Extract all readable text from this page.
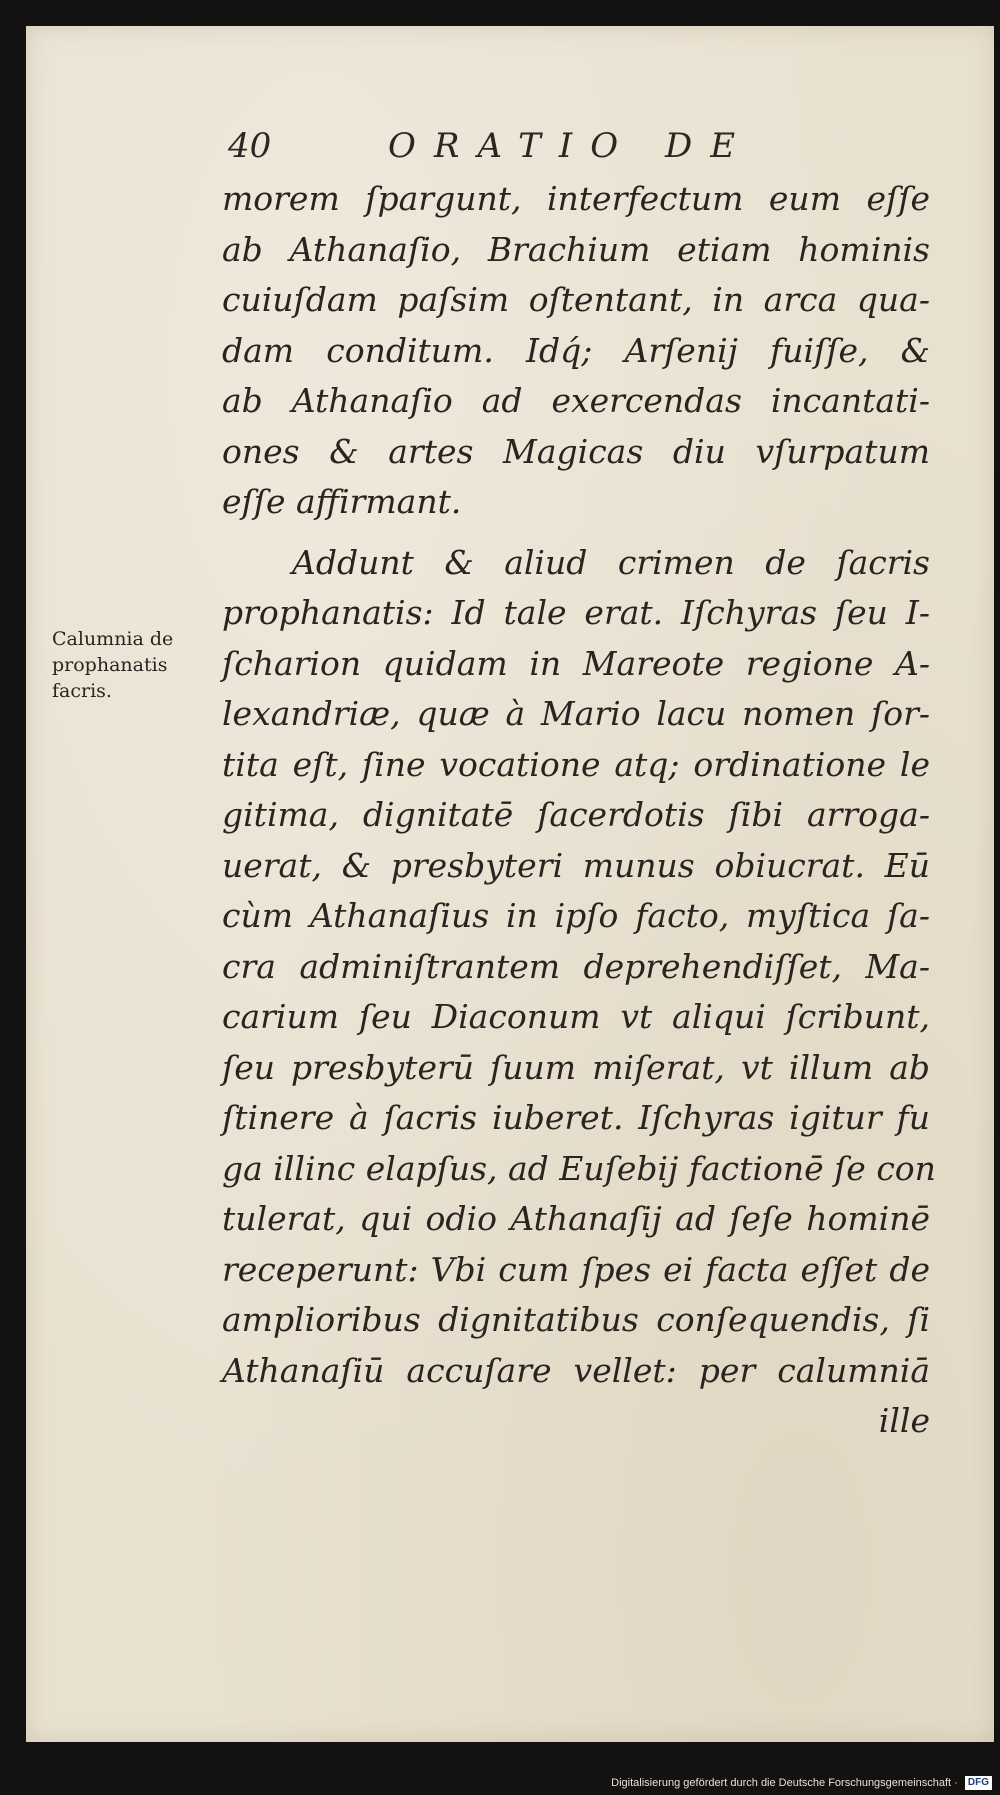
40	ORATIO DE
Calumnia de
prophanatis
facris.
morem ſpargunt, interfectum eum eſſe
ab Athanaſio, Brachium etiam hominis
cuiuſdam paſsim oſtentant, in arca qua-
dam conditum. Idq́; Arſenij fuiſſe, &
ab Athanaſio ad exercendas incantati-
ones & artes Magicas diu vſurpatum
eſſe affirmant.
Addunt & aliud crimen de ſacris
prophanatis: Id tale erat. Iſchyras ſeu I-
ſcharion quidam in Mareote regione A-
lexandriæ, quæ à Mario lacu nomen ſor-
tita eſt, ſine vocatione atq; ordinatione le
gitima, dignitatē ſacerdotis ſibi arroga-
uerat, & presbyteri munus obiucrat. Eū
cùm Athanaſius in ipſo facto, myſtica ſa-
cra adminiſtrantem deprehendiſſet, Ma-
carium ſeu Diaconum vt aliqui ſcribunt,
ſeu presbyterū ſuum miſerat, vt illum ab
ſtinere à ſacris iuberet. Iſchyras igitur fu
ga illinc elapſus, ad Euſebij factionē ſe con
tulerat, qui odio Athanaſij ad ſeſe hominē
receperunt: Vbi cum ſpes ei facta eſſet de
amplioribus dignitatibus conſequendis, ſi
Athanaſiū accuſare vellet: per calumniā
ille
Digitalisierung gefördert durch die Deutsche Forschungsgemeinschaft · DFG
